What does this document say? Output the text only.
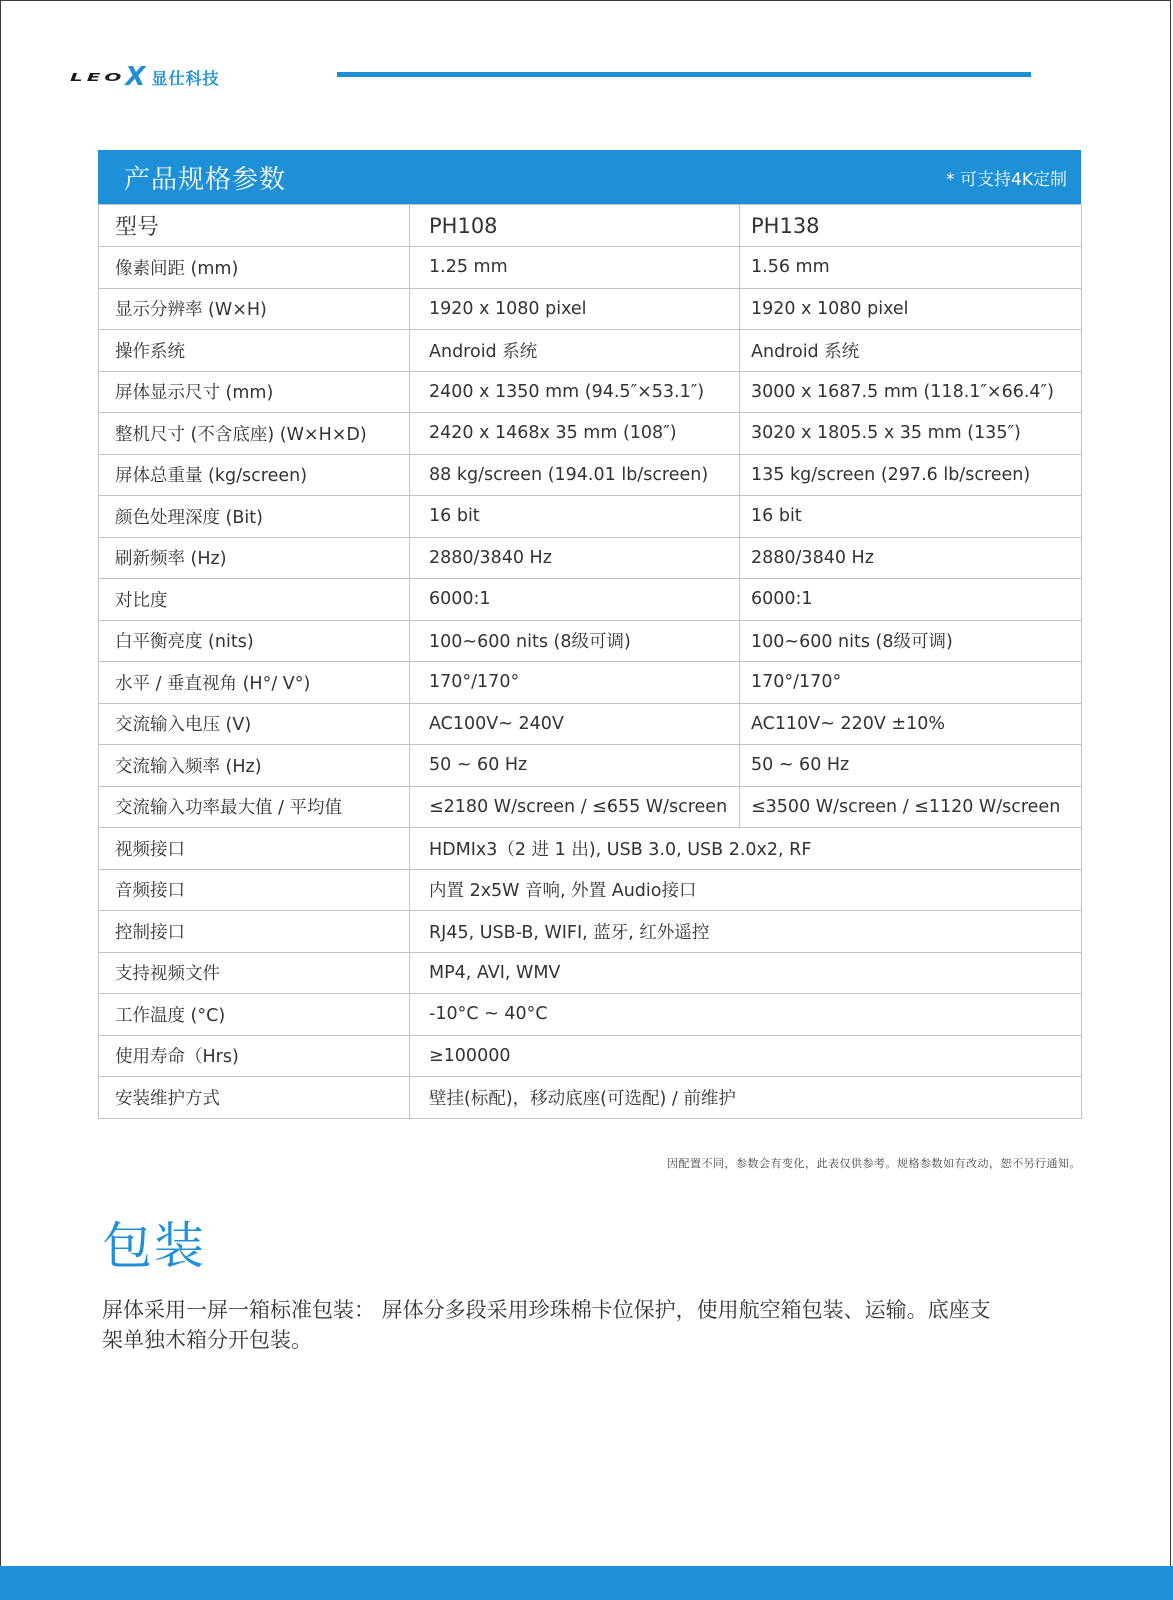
LEO X 显仕科技
产品规格参数	* 可支持4K定制
型号	PH108	PH138
像素间距 (mm)	1.25 mm	1.56 mm
显示分辨率 (W×H)	1920 x 1080 pixel	1920 x 1080 pixel
操作系统	Android 系统	Android 系统
屏体显示尺寸 (mm)	2400 x 1350 mm (94.5″×53.1″)	3000 x 1687.5 mm (118.1″×66.4″)
整机尺寸 (不含底座) (W×H×D)	2420 x 1468x 35 mm (108″)	3020 x 1805.5 x 35 mm (135″)
屏体总重量 (kg/screen)	88 kg/screen (194.01 lb/screen)	135 kg/screen (297.6 lb/screen)
颜色处理深度 (Bit)	16 bit	16 bit
刷新频率 (Hz)	2880/3840 Hz	2880/3840 Hz
对比度	6000:1	6000:1
白平衡亮度 (nits)	100~600 nits (8级可调)	100~600 nits (8级可调)
水平 / 垂直视角 (H°/ V°)	170°/170°	170°/170°
交流输入电压 (V)	AC100V~ 240V	AC110V~ 220V ±10%
交流输入频率 (Hz)	50 ~ 60 Hz	50 ~ 60 Hz
交流输入功率最大值 / 平均值	≤2180 W/screen / ≤655 W/screen	≤3500 W/screen / ≤1120 W/screen
视频接口	HDMIx3（2 进 1 出), USB 3.0, USB 2.0x2, RF	
音频接口	内置 2x5W 音响, 外置 Audio接口	
控制接口	RJ45, USB-B, WIFI, 蓝牙, 红外遥控	
支持视频文件	MP4, AVI, WMV	
工作温度 (°C)	-10°C ~ 40°C	
使用寿命（Hrs)	≥100000	
安装维护方式	壁挂(标配)，移动底座(可选配) / 前维护	
因配置不同，参数会有变化，此表仅供参考。规格参数如有改动，恕不另行通知。
包装

屏体采用一屏一箱标准包装： 屏体分多段采用珍珠棉卡位保护，使用航空箱包装、运输。底座支架单独木箱分开包装。
